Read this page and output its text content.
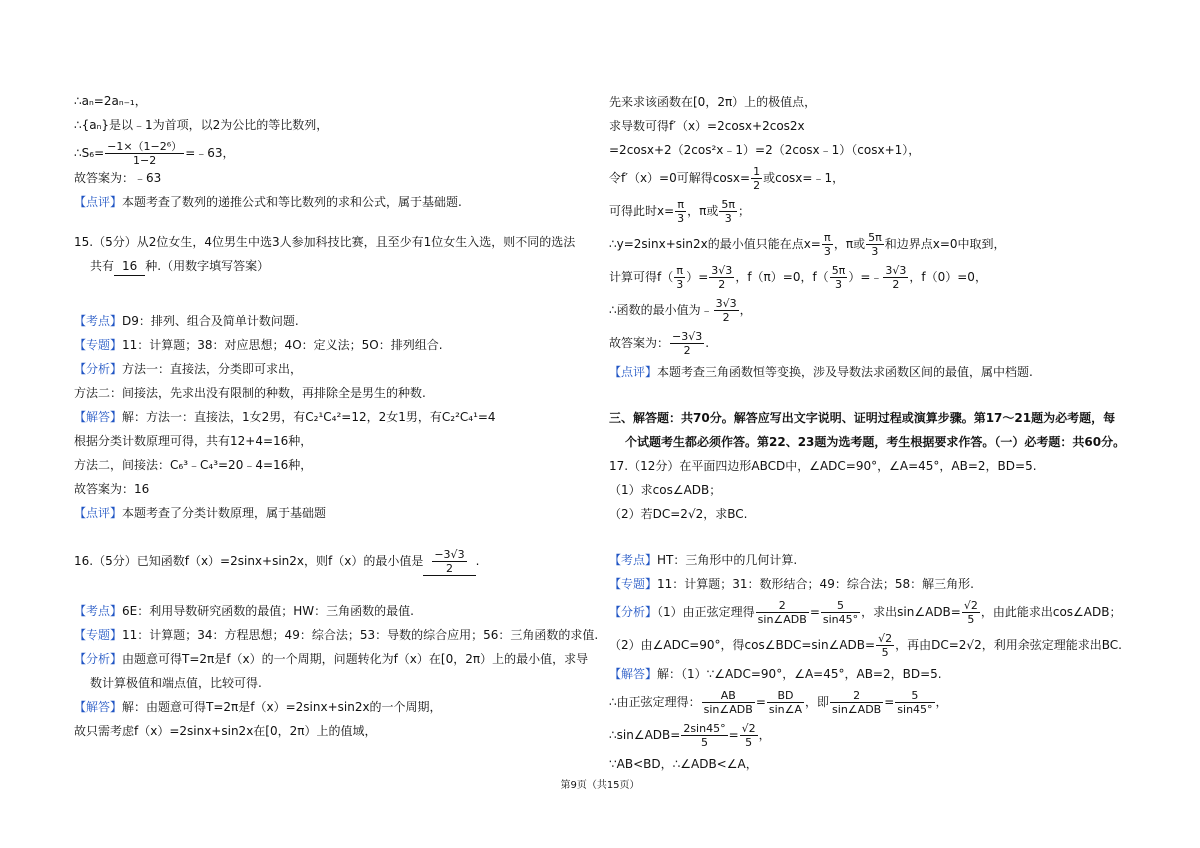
∴aₙ=2aₙ₋₁，

∴{aₙ}是以﹣1为首项，以2为公比的等比数列，

∴S₆= $\frac{\text{−1×（1−2⁶）}}{1-2}$ =﹣63，

故答案为：﹣63

【点评】本题考查了数列的递推公式和等比数列的求和公式，属于基础题.

15.（5分）从2位女生，4位男生中选3人参加科技比赛，且至少有1位女生入选，则不同的选法

共有 16 种.（用数字填写答案）

【考点】D9：排列、组合及简单计数问题.

【专题】11：计算题；38：对应思想；4O：定义法；5O：排列组合.

【分析】方法一：直接法，分类即可求出，

方法二：间接法，先求出没有限制的种数，再排除全是男生的种数.

【解答】解：方法一：直接法，1女2男，有C₂¹C₄²=12，2女1男，有C₂²C₄¹=4

根据分类计数原理可得，共有12+4=16种，

方法二，间接法：C₆³﹣C₄³=20﹣4=16种，

故答案为：16

【点评】本题考查了分类计数原理，属于基础题

16.（5分）已知函数f（x）=2sinx+sin2x，则f（x）的最小值是 $\frac{-3√3}{2}$ .

【考点】6E：利用导数研究函数的最值；HW：三角函数的最值.

【专题】11：计算题；34：方程思想；49：综合法；53：导数的综合应用；56：三角函数的求值.

【分析】由题意可得T=2π是f（x）的一个周期，问题转化为f（x）在[0，2π）上的最小值，求导

数计算极值和端点值，比较可得.

【解答】解：由题意可得T=2π是f（x）=2sinx+sin2x的一个周期，

故只需考虑f（x）=2sinx+sin2x在[0，2π）上的值域，

先来求该函数在[0，2π）上的极值点，

求导数可得f′（x）=2cosx+2cos2x

=2cosx+2（2cos²x﹣1）=2（2cosx﹣1）（cosx+1），

令f′（x）=0可解得$\cos x= \frac{1}{2}$ 或cosx=﹣1，

可得此时$x= \frac{\pi}{3}$ ，π或 $\frac{5\pi}{3}$ ；

∴y=2sinx+sin2x的最小值只能在点$x= \frac{\pi}{3}$ ，π或 $\frac{5\pi}{3}$ 和边界点x=0中取到，

计算可得$f( \frac{\pi}{3}$ ）= $\frac{3√3}{2}$ ，f（π）=0，$f( \frac{5\pi}{3}$ ）=﹣ $\frac{3√3}{2}$ ，f（0）=0，

∴函数的最小值为﹣ $\frac{3√3}{2}$ ，

故答案为： $\frac{-3√3}{2}$ .

【点评】本题考查三角函数恒等变换，涉及导数法求函数区间的最值，属中档题.

三、解答题：共70分。解答应写出文字说明、证明过程或演算步骤。第17～21题为必考题，每

个试题考生都必须作答。第22、23题为选考题，考生根据要求作答。（一）必考题：共60分。

17.（12分）在平面四边形ABCD中，∠ADC=90°，∠A=45°，AB=2，BD=5.

（1）求cos∠ADB；

（2）若DC=2√2，求BC.

【考点】HT：三角形中的几何计算.

【专题】11：计算题；31：数形结合；49：综合法；58：解三角形.

【分析】（1）由正弦定理得 $\frac{2}{\text{sin∠ADB}} = \frac{5}{\sin 45^\circ}$ ，求出sin∠ADB= $\frac{√2}{5}$ ，由此能求出cos∠ADB；

（2）由∠ADC=90°，得cos∠BDC=sin∠ADB= $\frac{√2}{5}$ ，再由DC=2√2，利用余弦定理能求出BC.

【解答】解：（1）∵∠ADC=90°，∠A=45°，AB=2，BD=5.

∴由正弦定理得： $\frac{AB}{\text{sin∠ADB}} = \frac{BD}{\sin\angle A}$ ，即 $\frac{2}{\text{sin∠ADB}} = \frac{5}{\sin 45^\circ}$ ，

∴sin∠ADB= $\frac{2\sin 45^\circ}{5} = \frac{√2}{5}$ ，

∵AB<BD，∴∠ADB<∠A，

第9页（共15页）
